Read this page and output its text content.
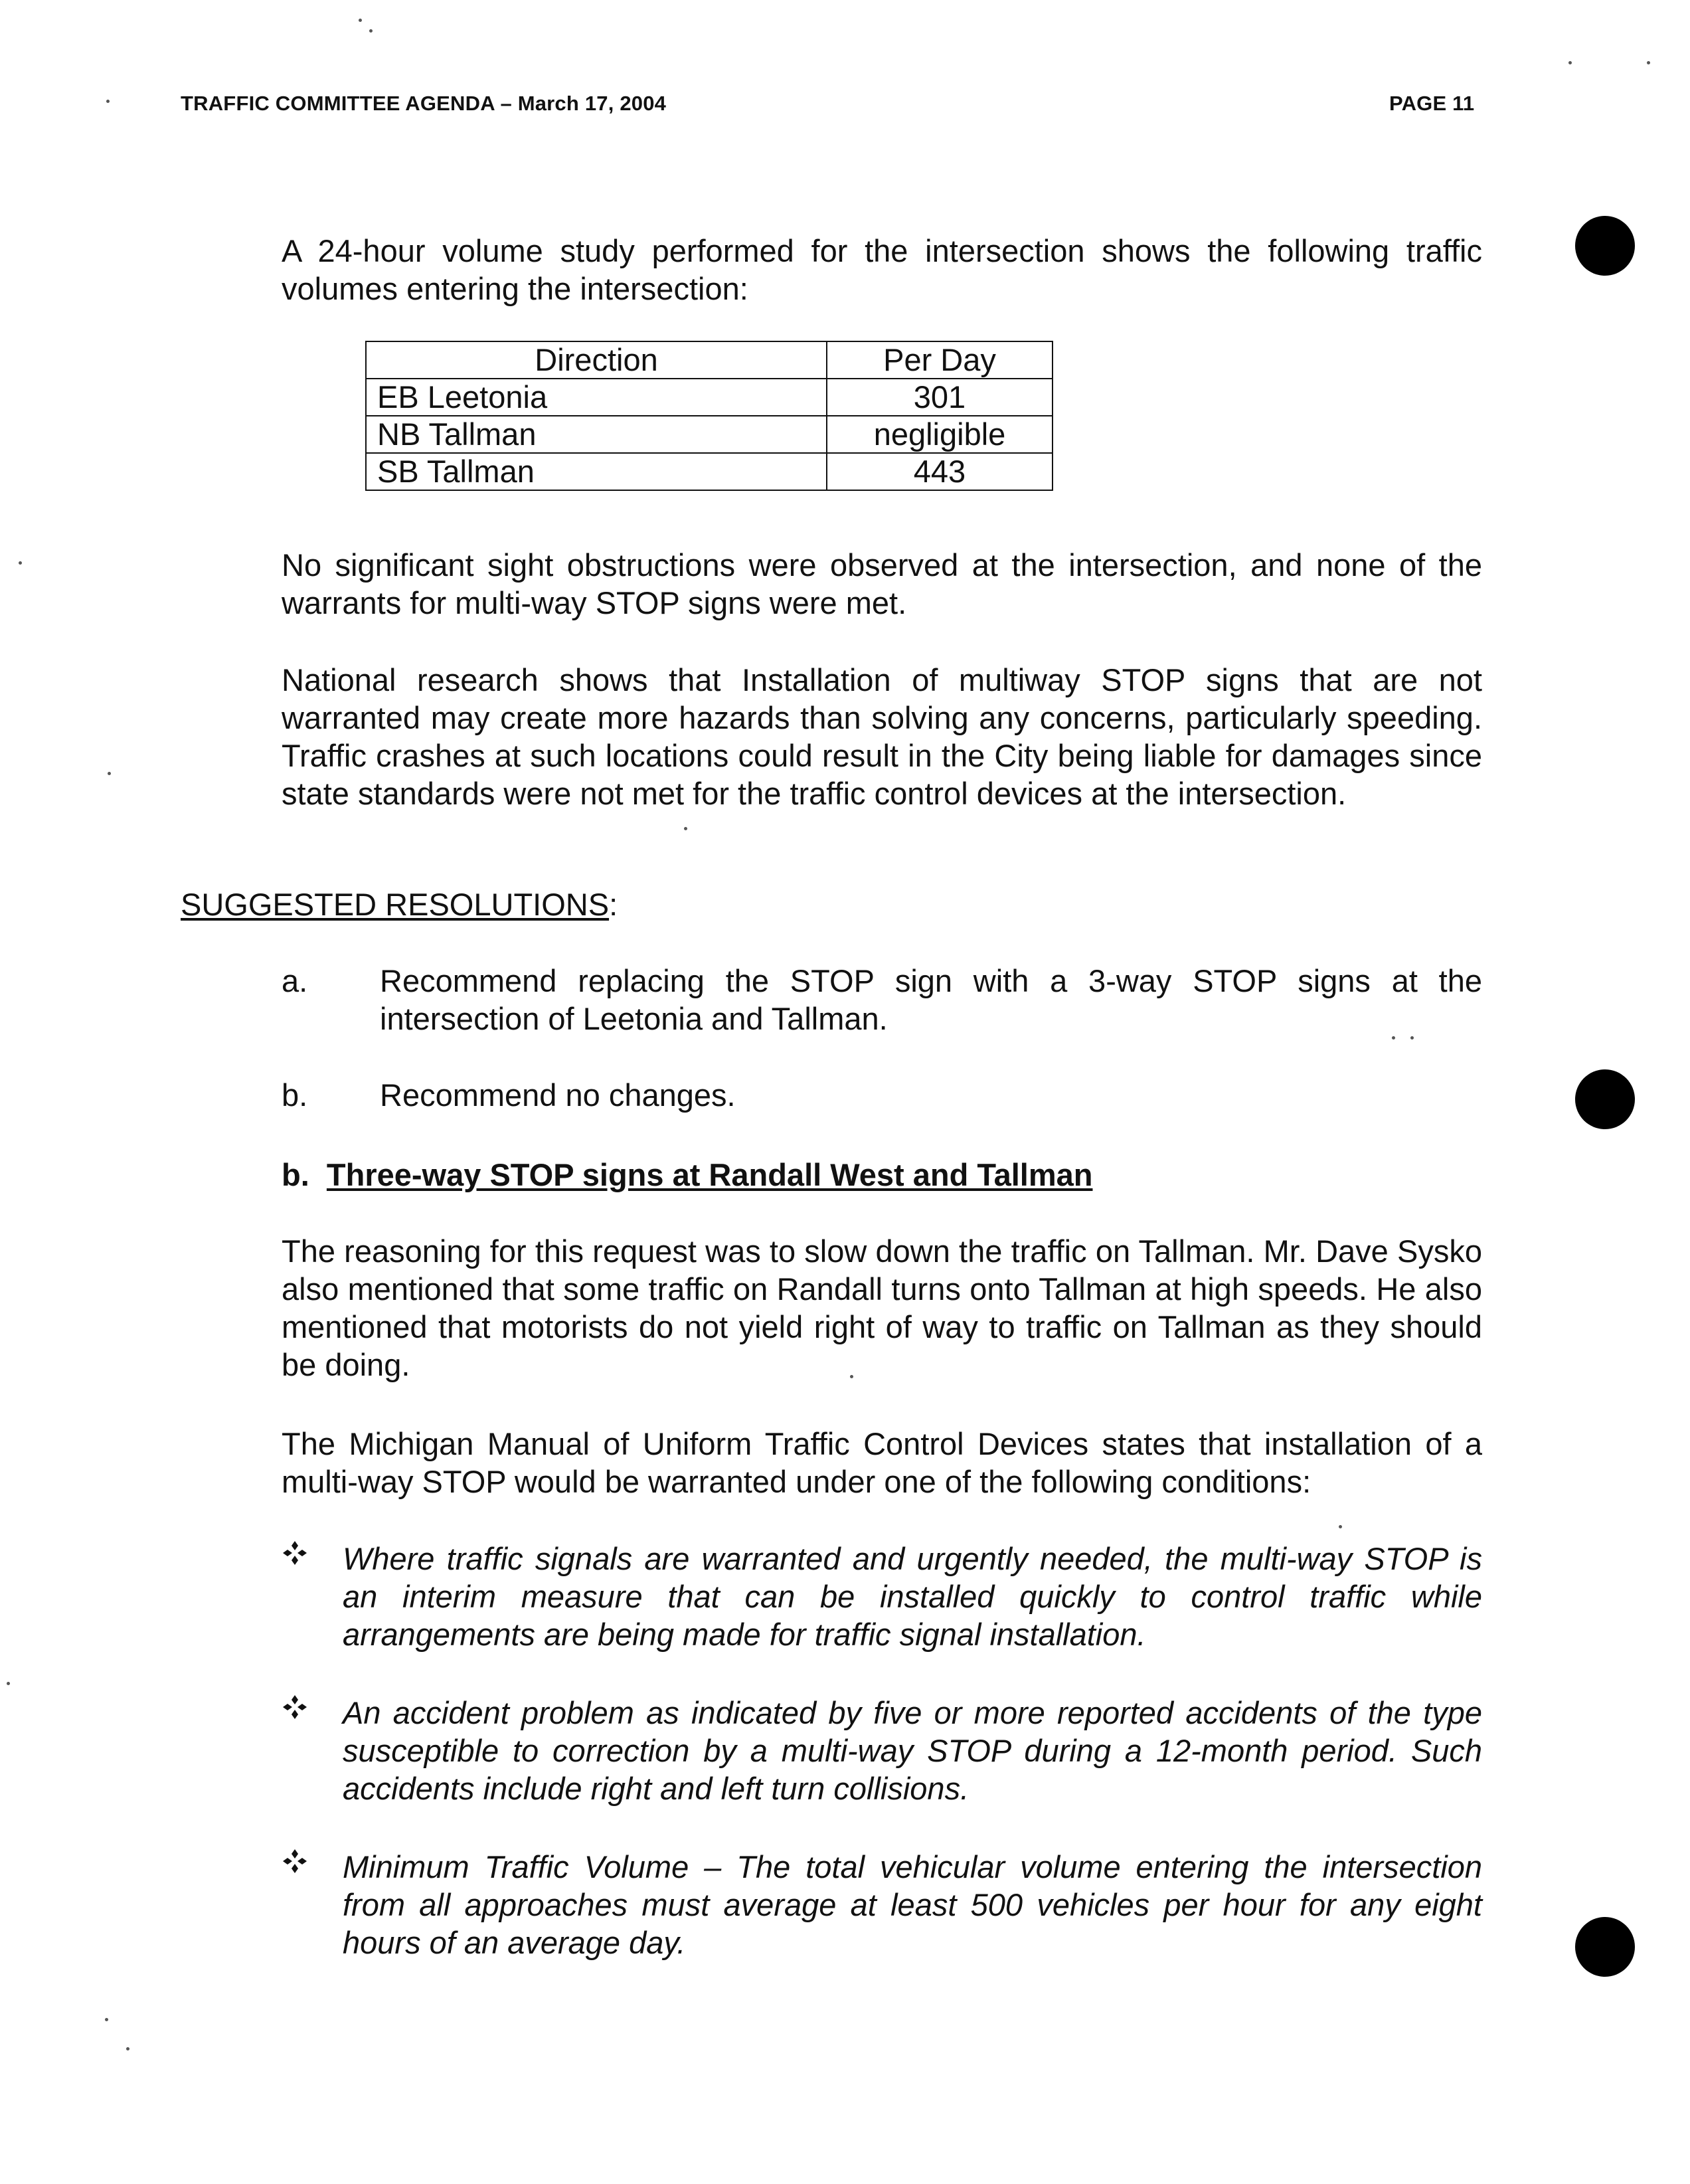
TRAFFIC COMMITTEE AGENDA – March 17, 2004	PAGE 11

A 24-hour volume study performed for the intersection shows the following traffic volumes entering the intersection:

Direction	Per Day
EB Leetonia	301
NB Tallman	negligible
SB Tallman	443

No significant sight obstructions were observed at the intersection, and none of the warrants for multi-way STOP signs were met.

National research shows that Installation of multiway STOP signs that are not warranted may create more hazards than solving any concerns, particularly speeding. Traffic crashes at such locations could result in the City being liable for damages since state standards were not met for the traffic control devices at the intersection.

SUGGESTED RESOLUTIONS:
a. Recommend replacing the STOP sign with a 3-way STOP signs at the intersection of Leetonia and Tallman.
b. Recommend no changes.
b. Three-way STOP signs at Randall West and Tallman

The reasoning for this request was to slow down the traffic on Tallman. Mr. Dave Sysko also mentioned that some traffic on Randall turns onto Tallman at high speeds. He also mentioned that motorists do not yield right of way to traffic on Tallman as they should be doing.

The Michigan Manual of Uniform Traffic Control Devices states that installation of a multi-way STOP would be warranted under one of the following conditions:

Where traffic signals are warranted and urgently needed, the multi-way STOP is an interim measure that can be installed quickly to control traffic while arrangements are being made for traffic signal installation.
An accident problem as indicated by five or more reported accidents of the type susceptible to correction by a multi-way STOP during a 12-month period. Such accidents include right and left turn collisions.
Minimum Traffic Volume – The total vehicular volume entering the intersection from all approaches must average at least 500 vehicles per hour for any eight hours of an average day.
